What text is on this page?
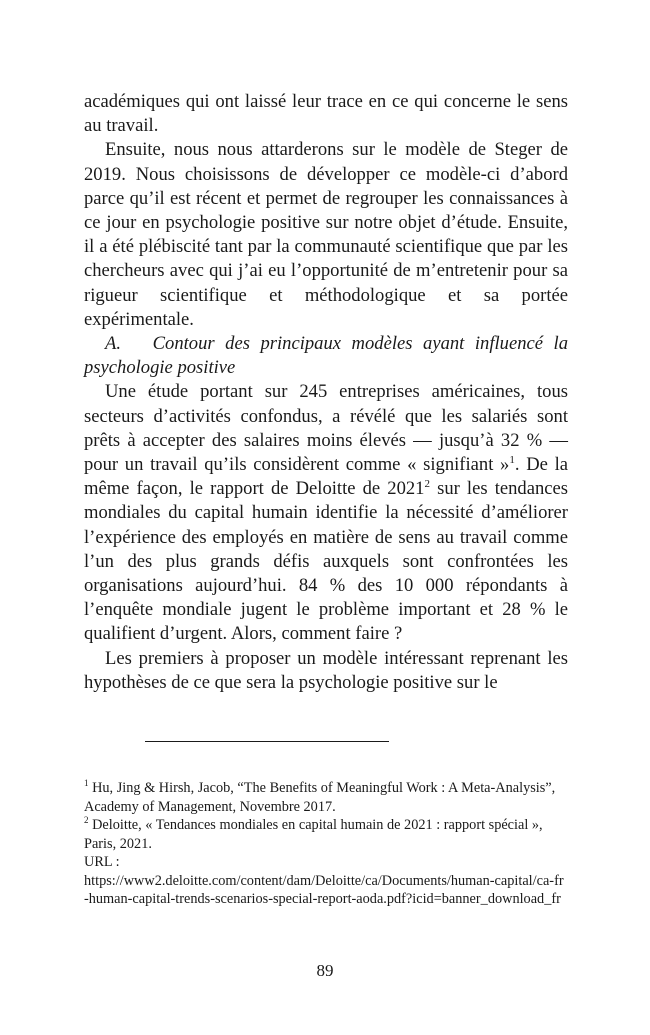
académiques qui ont laissé leur trace en ce qui concerne le sens au travail.

Ensuite, nous nous attarderons sur le modèle de Steger de 2019. Nous choisissons de développer ce modèle-ci d’abord parce qu’il est récent et permet de regrouper les connaissances à ce jour en psychologie positive sur notre objet d’étude. Ensuite, il a été plébiscité tant par la communauté scientifique que par les chercheurs avec qui j’ai eu l’opportunité de m’entretenir pour sa rigueur scientifique et méthodologique et sa portée expérimentale.

A. Contour des principaux modèles ayant influencé la psychologie positive

Une étude portant sur 245 entreprises américaines, tous secteurs d’activités confondus, a révélé que les salariés sont prêts à accepter des salaires moins élevés — jusqu’à 32 % — pour un travail qu’ils considèrent comme « signifiant »$^1$. De la même façon, le rapport de Deloitte de 2021$^2$ sur les tendances mondiales du capital humain identifie la nécessité d’améliorer l’expérience des employés en matière de sens au travail comme l’un des plus grands défis auxquels sont confrontées les organisations aujourd’hui. 84 % des 10 000 répondants à l’enquête mondiale jugent le problème important et 28 % le qualifient d’urgent. Alors, comment faire ?

Les premiers à proposer un modèle intéressant reprenant les hypothèses de ce que sera la psychologie positive sur le

$^1$ Hu, Jing & Hirsh, Jacob, “The Benefits of Meaningful Work : A Meta-Analysis”, Academy of Management, Novembre 2017.

$^2$ Deloitte, « Tendances mondiales en capital humain de 2021 : rapport spécial », Paris, 2021.

URL :

https://www2.deloitte.com/content/dam/Deloitte/ca/Documents/human-capital/ca-fr-human-capital-trends-scenarios-special-report-aoda.pdf?icid=banner_download_fr

89
